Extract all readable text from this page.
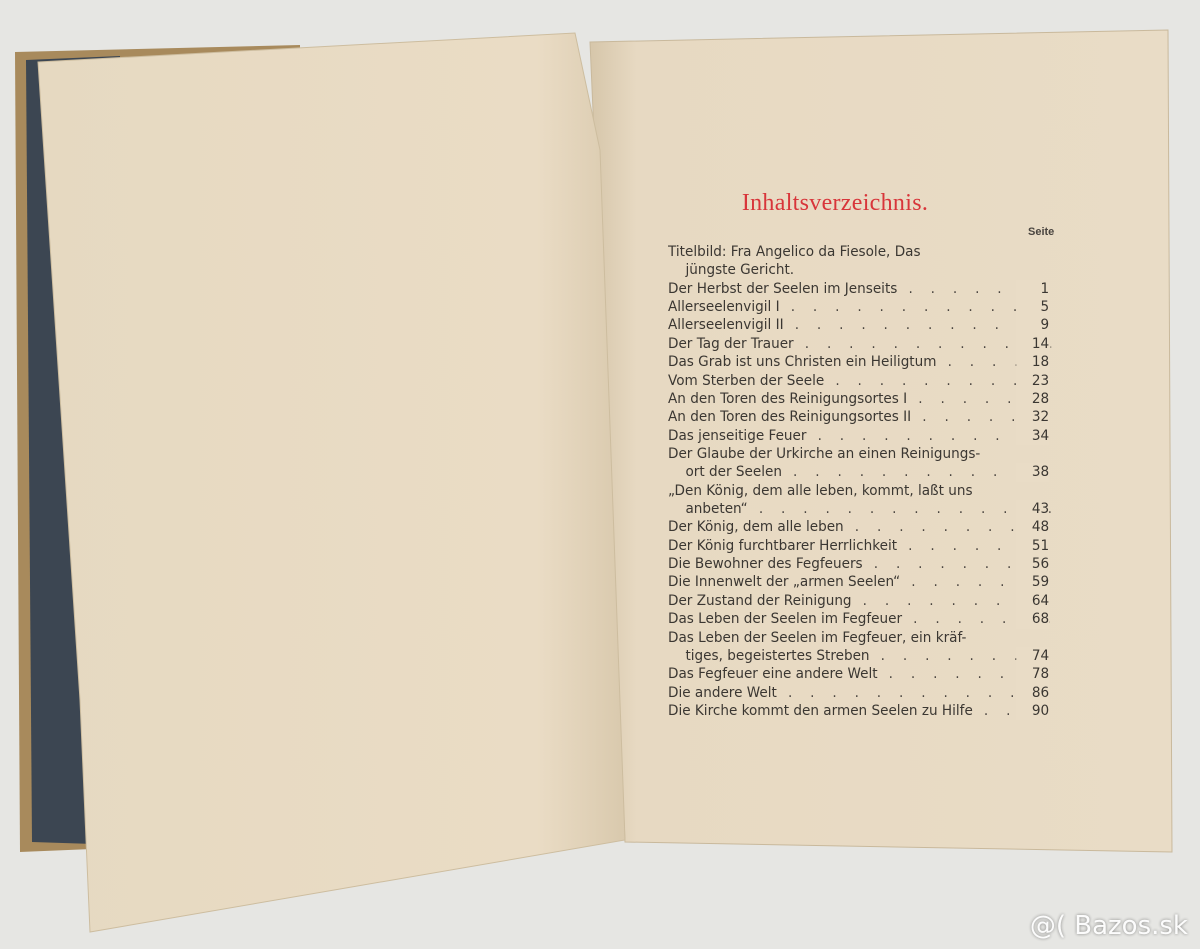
Inhaltsverzeichnis.
Seite
Titelbild: Fra Angelico da Fiesole, Das
jüngste Gericht.
Der Herbst der Seelen im Jenseits . . .	1
Allerseelenvigil I . . .	5
Allerseelenvigil II . . .	9
Der Tag der Trauer . . .	14
Das Grab ist uns Christen ein Heiligtum . . .	18
Vom Sterben der Seele . . .	23
An den Toren des Reinigungsortes I . . .	28
An den Toren des Reinigungsortes II . . .	32
Das jenseitige Feuer . . .	34
Der Glaube der Urkirche an einen Reinigungs-
ort der Seelen . . .	38
„Den König, dem alle leben, kommt, laßt uns
anbeten“ . . .	43
Der König, dem alle leben . . .	48
Der König furchtbarer Herrlichkeit . . .	51
Die Bewohner des Fegfeuers . . .	56
Die Innenwelt der „armen Seelen“ . . .	59
Der Zustand der Reinigung . . .	64
Das Leben der Seelen im Fegfeuer . . .	68
Das Leben der Seelen im Fegfeuer, ein kräf-
tiges, begeistertes Streben . . .	74
Das Fegfeuer eine andere Welt . . .	78
Die andere Welt . . .	86
Die Kirche kommt den armen Seelen zu Hilfe . . .	90
@( Bazos.sk
